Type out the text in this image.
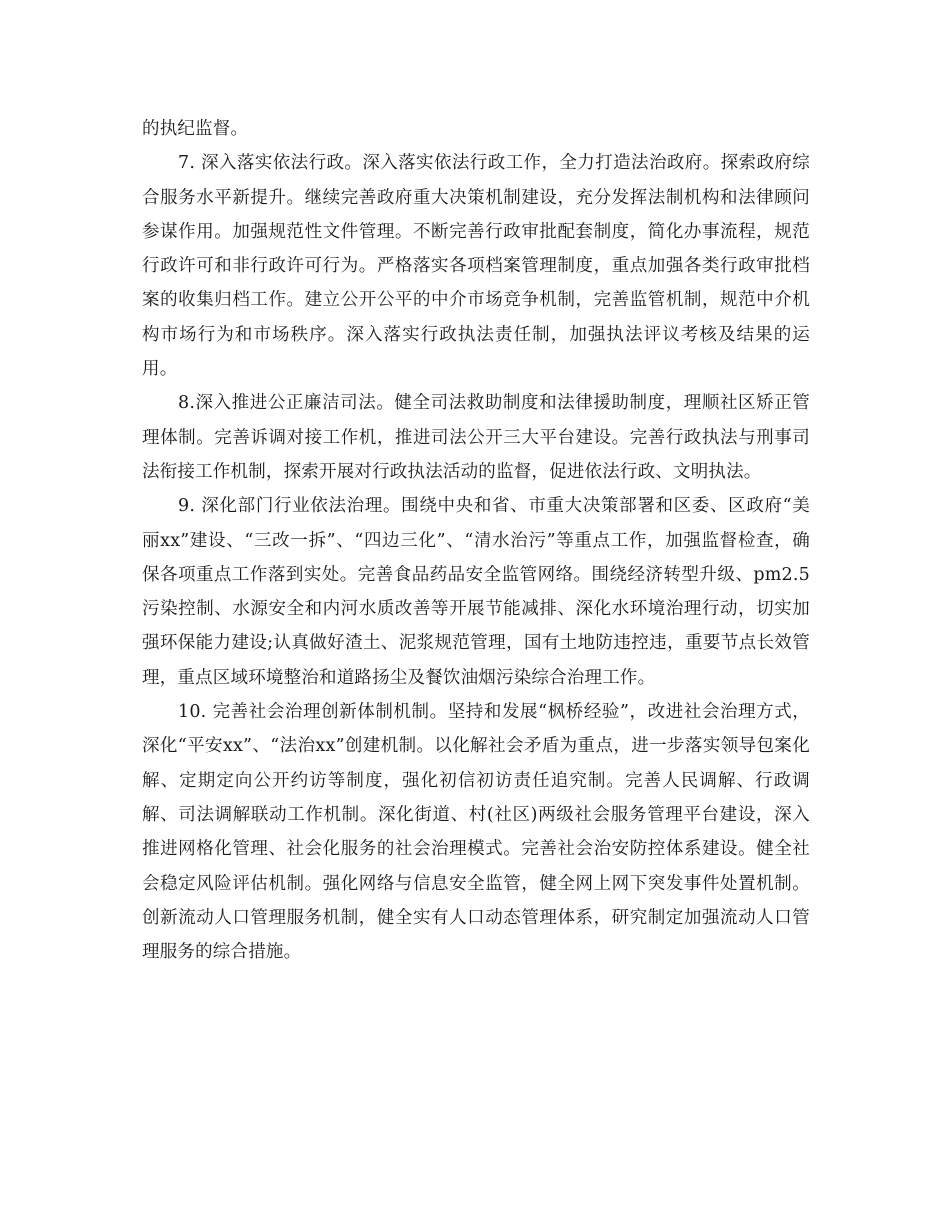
的执纪监督。

7. 深入落实依法行政。深入落实依法行政工作，全力打造法治政府。探索政府综合服务水平新提升。继续完善政府重大决策机制建设，充分发挥法制机构和法律顾问参谋作用。加强规范性文件管理。不断完善行政审批配套制度，简化办事流程，规范行政许可和非行政许可行为。严格落实各项档案管理制度，重点加强各类行政审批档案的收集归档工作。建立公开公平的中介市场竞争机制，完善监管机制，规范中介机构市场行为和市场秩序。深入落实行政执法责任制，加强执法评议考核及结果的运用。

8.深入推进公正廉洁司法。健全司法救助制度和法律援助制度，理顺社区矫正管理体制。完善诉调对接工作机，推进司法公开三大平台建设。完善行政执法与刑事司法衔接工作机制，探索开展对行政执法活动的监督，促进依法行政、文明执法。

9. 深化部门行业依法治理。围绕中央和省、市重大决策部署和区委、区政府“美丽xx”建设、“三改一拆”、“四边三化”、“清水治污”等重点工作，加强监督检查，确保各项重点工作落到实处。完善食品药品安全监管网络。围绕经济转型升级、pm2.5污染控制、水源安全和内河水质改善等开展节能减排、深化水环境治理行动，切实加强环保能力建设;认真做好渣土、泥浆规范管理，国有土地防违控违，重要节点长效管理，重点区域环境整治和道路扬尘及餐饮油烟污染综合治理工作。

10. 完善社会治理创新体制机制。坚持和发展“枫桥经验”，改进社会治理方式，深化“平安xx”、“法治xx”创建机制。以化解社会矛盾为重点，进一步落实领导包案化解、定期定向公开约访等制度，强化初信初访责任追究制。完善人民调解、行政调解、司法调解联动工作机制。深化街道、村(社区)两级社会服务管理平台建设，深入推进网格化管理、社会化服务的社会治理模式。完善社会治安防控体系建设。健全社会稳定风险评估机制。强化网络与信息安全监管，健全网上网下突发事件处置机制。创新流动人口管理服务机制，健全实有人口动态管理体系，研究制定加强流动人口管理服务的综合措施。
